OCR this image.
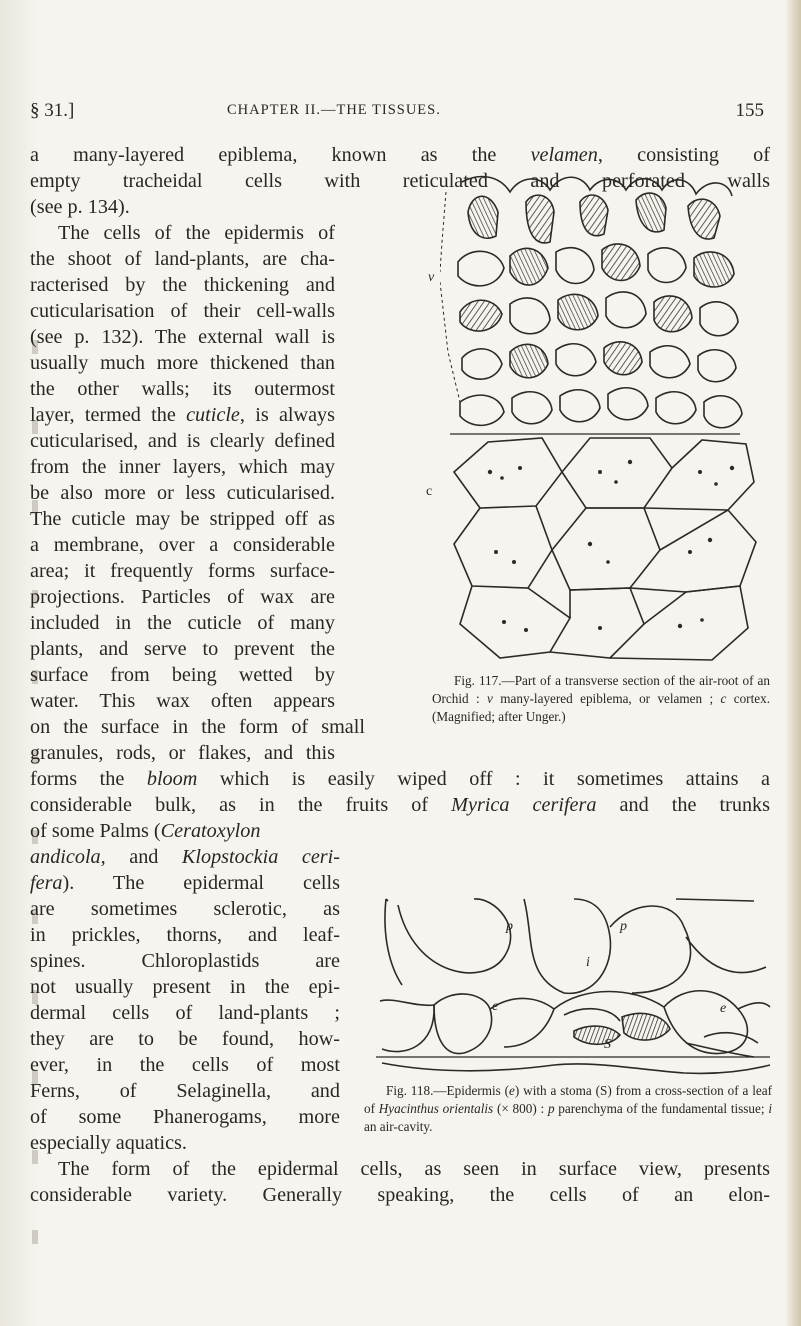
§ 31.]	CHAPTER II.—THE TISSUES.	155
a many-layered epiblema, known as the velamen, consisting of
empty tracheidal cells with reticulated and perforated walls
(see p. 134).
The cells of the epidermis of
the shoot of land-plants, are cha-
racterised by the thickening and
cuticularisation of their cell-walls
(see p. 132). The external wall is
usually much more thickened than
the other walls; its outermost
layer, termed the cuticle, is always
cuticularised, and is clearly defined
from the inner layers, which may
be also more or less cuticularised.
The cuticle may be stripped off as
a membrane, over a considerable
area; it frequently forms surface-
projections. Particles of wax are
included in the cuticle of many
plants, and serve to prevent the
surface from being wetted by
water. This wax often appears
on the surface in the form of small
granules, rods, or flakes, and this
forms the bloom which is easily wiped off : it sometimes attains a
considerable bulk, as in the fruits of Myrica cerifera and the trunks
of some Palms (Ceratoxylon
andicola, and Klopstockia ceri-
fera). The epidermal cells
are sometimes sclerotic, as
in prickles, thorns, and leaf-
spines. Chloroplastids are
not usually present in the epi-
dermal cells of land-plants ;
they are to be found, how-
ever, in the cells of most
Ferns, of Selaginella, and
of some Phanerogams, more
especially aquatics.
The form of the epidermal cells, as seen in surface view, presents
considerable variety. Generally speaking, the cells of an elon-
v
c
Fig. 117.—Part of a transverse section of the air-root of an Orchid : v many-layered epiblema, or velamen ; c cortex. (Magnified; after Unger.)
p	p
i
e	e
S
Fig. 118.—Epidermis (e) with a stoma (S) from a cross-section of a leaf of Hyacinthus orientalis (× 800) : p parenchyma of the fundamental tissue; i an air-cavity.
